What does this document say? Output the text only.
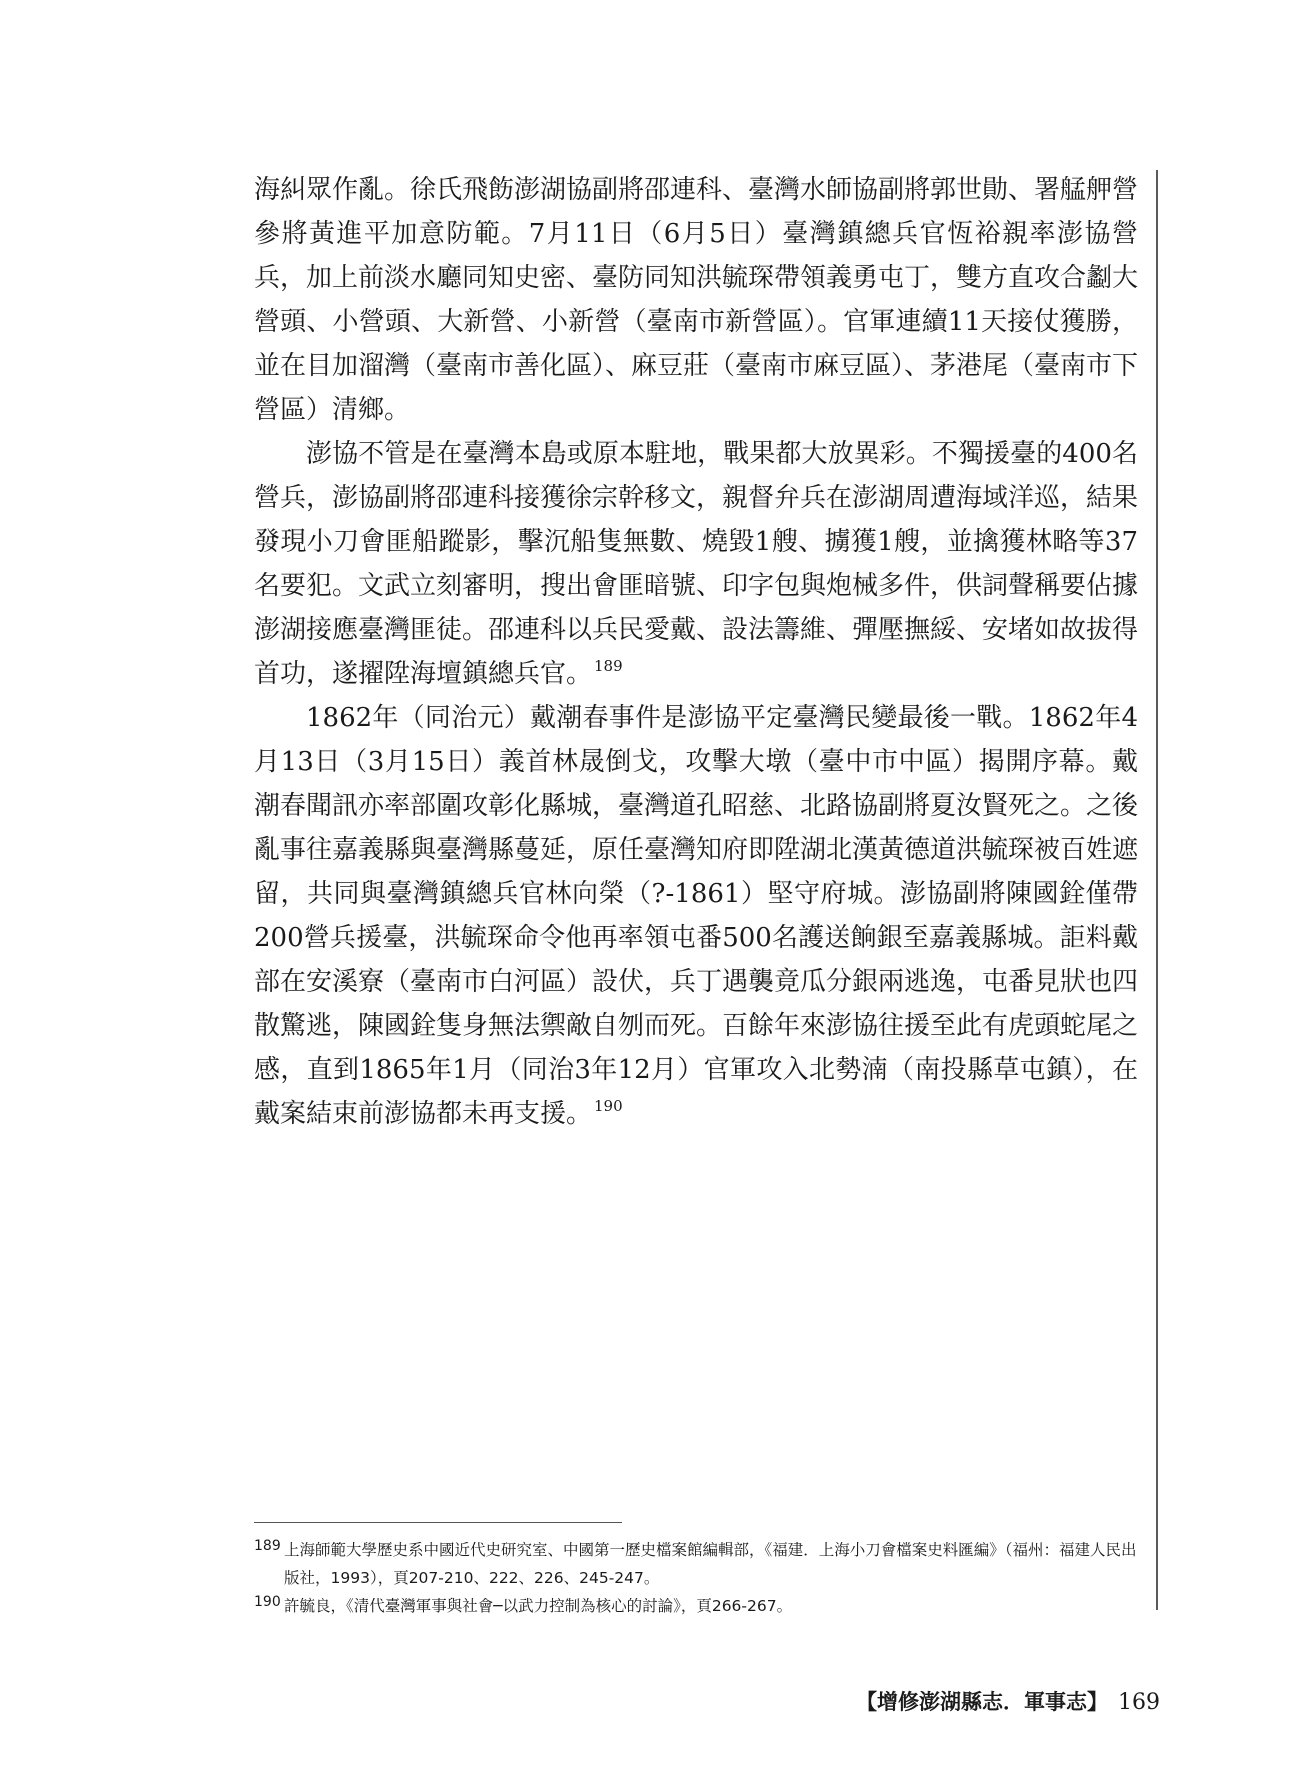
海糾眾作亂。徐氏飛飭澎湖協副將邵連科、臺灣水師協副將郭世勛、署艋舺營參將黃進平加意防範。7月11日（6月5日）臺灣鎮總兵官恆裕親率澎協營兵，加上前淡水廳同知史密、臺防同知洪毓琛帶領義勇屯丁，雙方直攻合劙大營頭、小營頭、大新營、小新營（臺南市新營區）。官軍連續11天接仗獲勝，並在目加溜灣（臺南市善化區）、麻豆莊（臺南市麻豆區）、茅港尾（臺南市下營區）清鄉。

澎協不管是在臺灣本島或原本駐地，戰果都大放異彩。不獨援臺的400名營兵，澎協副將邵連科接獲徐宗幹移文，親督弁兵在澎湖周遭海域洋巡，結果發現小刀會匪船蹤影，擊沉船隻無數、燒毀1艘、擄獲1艘，並擒獲林略等37名要犯。文武立刻審明，搜出會匪暗號、印字包與炮械多件，供詞聲稱要佔據澎湖接應臺灣匪徒。邵連科以兵民愛戴、設法籌維、彈壓撫綏、安堵如故拔得首功，遂擢陞海壇鎮總兵官。 $^{189}$

1862年（同治元）戴潮春事件是澎協平定臺灣民變最後一戰。1862年4月13日（3月15日）義首林晟倒戈，攻擊大墩（臺中市中區）揭開序幕。戴潮春聞訊亦率部圍攻彰化縣城，臺灣道孔昭慈、北路協副將夏汝賢死之。之後亂事往嘉義縣與臺灣縣蔓延，原任臺灣知府即陞湖北漢黃德道洪毓琛被百姓遮留，共同與臺灣鎮總兵官林向榮（?-1861）堅守府城。澎協副將陳國銓僅帶200營兵援臺，洪毓琛命令他再率領屯番500名護送餉銀至嘉義縣城。詎料戴部在安溪寮（臺南市白河區）設伏，兵丁遇襲竟瓜分銀兩逃逸，屯番見狀也四散驚逃，陳國銓隻身無法禦敵自刎而死。百餘年來澎協往援至此有虎頭蛇尾之感，直到1865年1月（同治3年12月）官軍攻入北勢湳（南投縣草屯鎮），在戴案結束前澎協都未再支援。 $^{190}$

189 上海師範大學歷史系中國近代史研究室、中國第一歷史檔案館編輯部，《福建．上海小刀會檔案史料匯編》（福州：福建人民出版社，1993），頁207-210、222、226、245-247。

190 許毓良，《清代臺灣軍事與社會─以武力控制為核心的討論》，頁266-267。

【增修澎湖縣志．軍事志】 169
